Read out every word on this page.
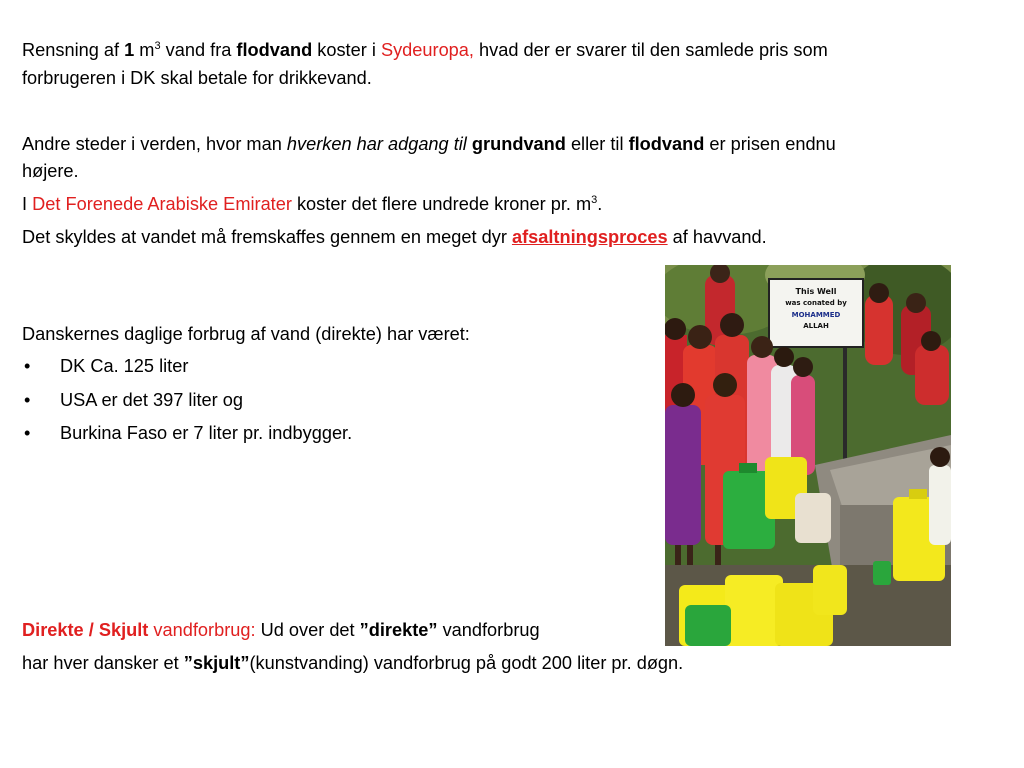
Rensning af 1 $m^3$ vand fra flodvand koster i Sydeuropa, hvad der er svarer til den samlede pris som

forbrugeren i DK skal betale for drikkevand.

Andre steder i verden, hvor man hverken har adgang til grundvand eller til flodvand er prisen endnu

højere.

I Det Forenede Arabiske Emirater koster det flere undrede kroner pr. $m^3$.

Det skyldes at vandet må fremskaffes gennem en meget dyr afsaltningsproces af havvand.

Danskernes daglige forbrug af vand (direkte) har været:

• DK Ca. 125 liter
• USA er det 397 liter og
• Burkina Faso er 7 liter pr. indbygger.

Direkte / Skjult vandforbrug: Ud over det ”direkte” vandforbrug

har hver dansker et ”skjult”(kunstvanding) vandforbrug på godt 200 liter pr. døgn.

This Well
was conated by
MOHAMMED
ALLAH
